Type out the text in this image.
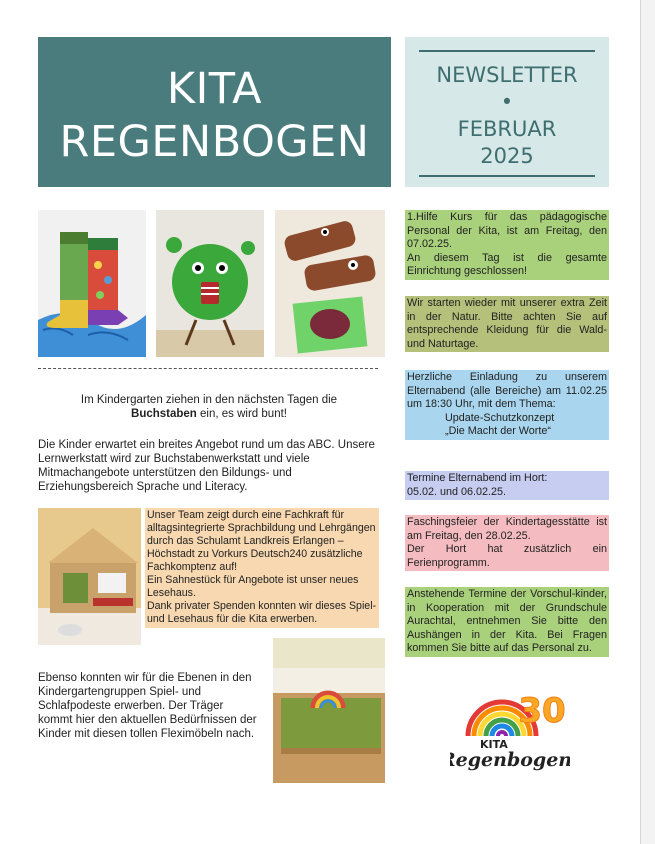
KITA
REGENBOGEN
NEWSLETTER
•
FEBRUAR
2025
Im Kindergarten ziehen in den nächsten Tagen die
Buchstaben ein, es wird bunt!
Die Kinder erwartet ein breites Angebot rund um das ABC. Unsere Lernwerkstatt wird zur Buchstabenwerkstatt und viele Mitmachangebote unterstützen den Bildungs- und Erziehungsbereich Sprache und Literacy.
Unser Team zeigt durch eine Fachkraft für alltagsintegrierte Sprachbildung und Lehrgängen durch das Schulamt Landkreis Erlangen – Höchstadt zu Vorkurs Deutsch240 zusätzliche Fachkomptenz auf!
Ein Sahnestück für Angebote ist unser neues Lesehaus.
Dank privater Spenden konnten wir dieses Spiel- und Lesehaus für die Kita erwerben.
Ebenso konnten wir für die Ebenen in den Kindergartengruppen Spiel- und Schlafpodeste erwerben. Der Träger kommt hier den aktuellen Bedürfnissen der Kinder mit diesen tollen Fleximöbeln nach.
1.Hilfe Kurs für das pädagogische Personal der Kita, ist am Freitag, den 07.02.25.
An diesem Tag ist die gesamte Einrichtung geschlossen!
Wir starten wieder mit unserer extra Zeit in der Natur. Bitte achten Sie auf entsprechende Kleidung für die Wald- und Naturtage.
Herzliche Einladung zu unserem Elternabend (alle Bereiche) am 11.02.25 um 18:30 Uhr, mit dem Thema:
Update-Schutzkonzept
„Die Macht der Worte“
Termine Elternabend im Hort:
05.02. und 06.02.25.
Faschingsfeier der Kindertagesstätte ist am Freitag, den 28.02.25.
Der Hort hat zusätzlich ein Ferienprogramm.
Anstehende Termine der Vorschul-kinder, in Kooperation mit der Grundschule Aurachtal, entnehmen Sie bitte den Aushängen in der Kita. Bei Fragen kommen Sie bitte auf das Personal zu.
30
KITA
Regenbogen
